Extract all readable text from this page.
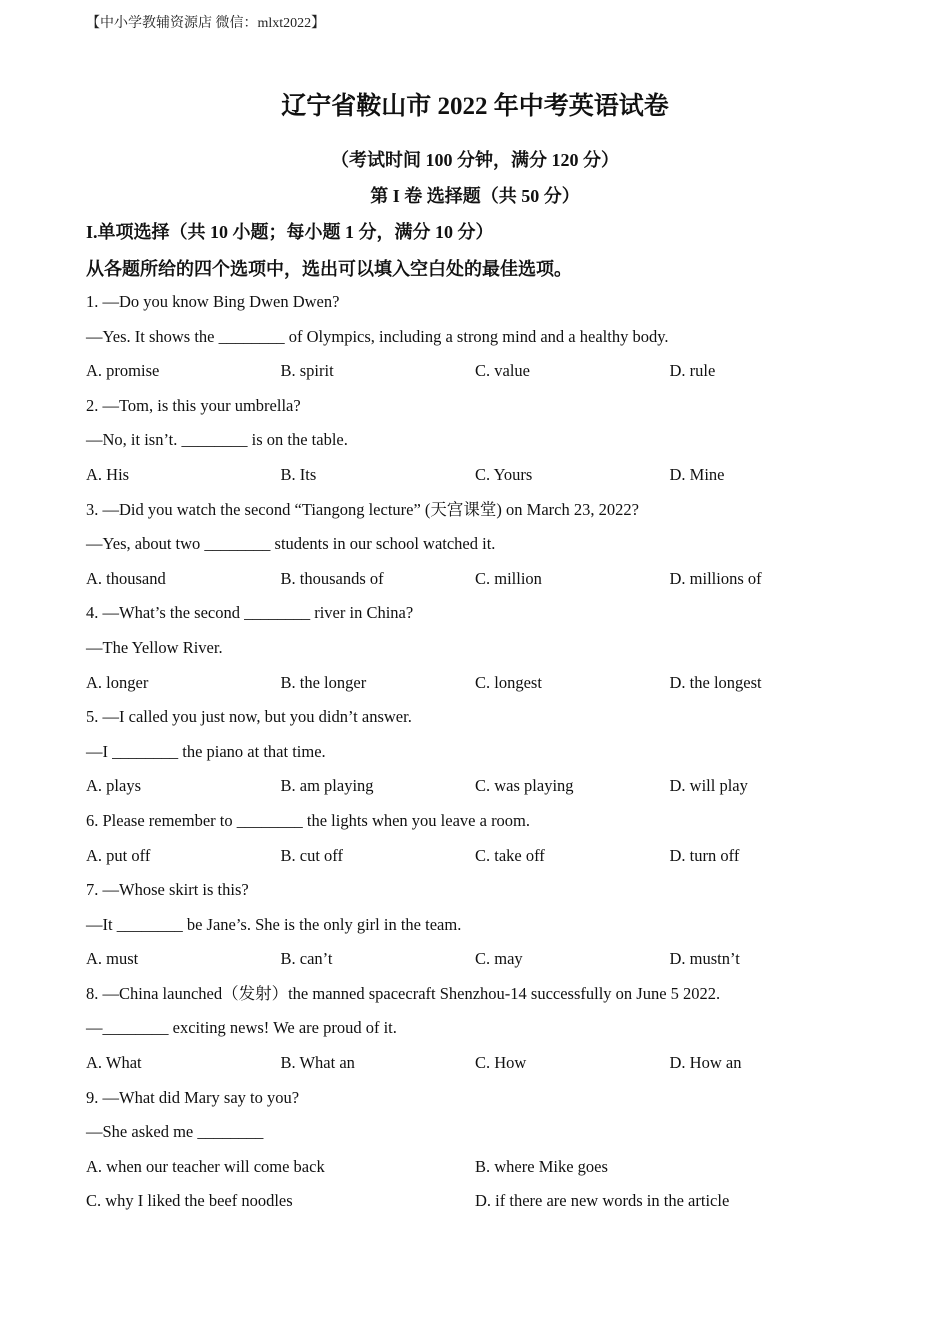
【中小学教辅资源店 微信：mlxt2022】
辽宁省鞍山市 2022 年中考英语试卷
（考试时间 100 分钟，满分 120 分）
第 I 卷 选择题（共 50 分）
I.单项选择（共 10 小题；每小题 1 分，满分 10 分）
从各题所给的四个选项中，选出可以填入空白处的最佳选项。
1. —Do you know Bing Dwen Dwen?
—Yes. It shows the ________ of Olympics, including a strong mind and a healthy body.
A. promise	B. spirit	C. value	D. rule
2. —Tom, is this your umbrella?
—No, it isn’t. ________ is on the table.
A. His	B. Its	C. Yours	D. Mine
3. —Did you watch the second “Tiangong lecture” (天宫课堂) on March 23, 2022?
—Yes, about two ________ students in our school watched it.
A. thousand	B. thousands of	C. million	D. millions of
4. —What’s the second ________ river in China?
—The Yellow River.
A. longer	B. the longer	C. longest	D. the longest
5. —I called you just now, but you didn’t answer.
—I ________ the piano at that time.
A. plays	B. am playing	C. was playing	D. will play
6. Please remember to ________ the lights when you leave a room.
A. put off	B. cut off	C. take off	D. turn off
7. —Whose skirt is this?
—It ________ be Jane’s. She is the only girl in the team.
A. must	B. can’t	C. may	D. mustn’t
8. —China launched（发射）the manned spacecraft Shenzhou-14 successfully on June 5 2022.
—________ exciting news! We are proud of it.
A. What	B. What an	C. How	D. How an
9. —What did Mary say to you?
—She asked me ________
A. when our teacher will come back	B. where Mike goes
C. why I liked the beef noodles	D. if there are new words in the article
